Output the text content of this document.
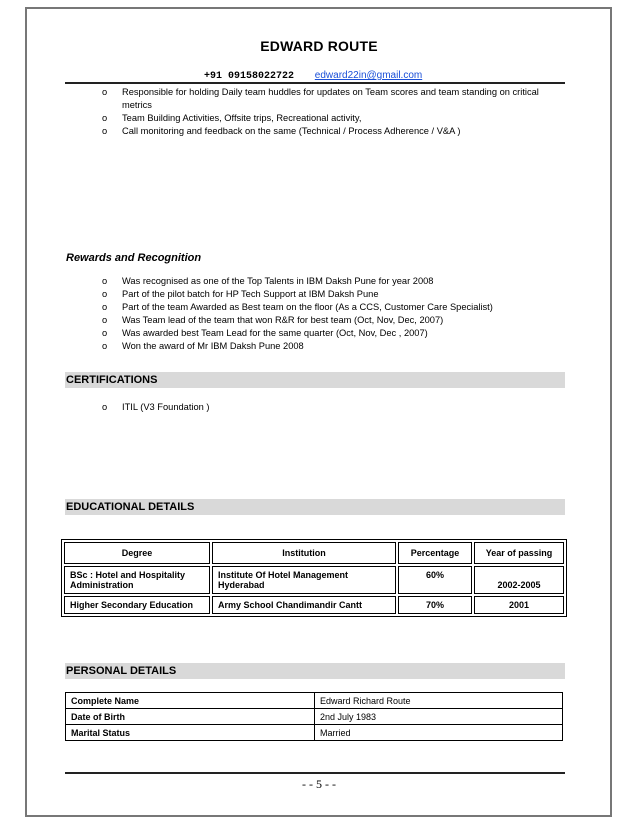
EDWARD ROUTE
+91 09158022722 edward22in@gmail.com
o Responsible for holding Daily team huddles for updates on Team scores and team standing on critical metrics
o Team Building Activities, Offsite trips, Recreational activity,
o Call monitoring and feedback on the same (Technical / Process Adherence / V&A )
Rewards and Recognition
o Was recognised as one of the Top Talents in IBM Daksh Pune for year 2008
o Part of the pilot batch for HP Tech Support at IBM Daksh Pune
o Part of the team Awarded as Best team on the floor (As a CCS, Customer Care Specialist)
o Was Team lead of the team that won R&R for best team (Oct, Nov, Dec, 2007)
o Was awarded best Team Lead for the same quarter (Oct, Nov, Dec , 2007)
o Won the award of Mr IBM Daksh Pune 2008
CERTIFICATIONS
o ITIL (V3 Foundation )
EDUCATIONAL DETAILS
Degree	Institution	Percentage	Year of passing
BSc : Hotel and Hospitality Administration	Institute Of Hotel Management Hyderabad	60%	2002-2005
Higher Secondary Education	Army School Chandimandir Cantt	70%	2001
PERSONAL DETAILS
Complete Name	Edward Richard Route
Date of Birth	2nd July 1983
Marital Status	Married
- - 5 - -
